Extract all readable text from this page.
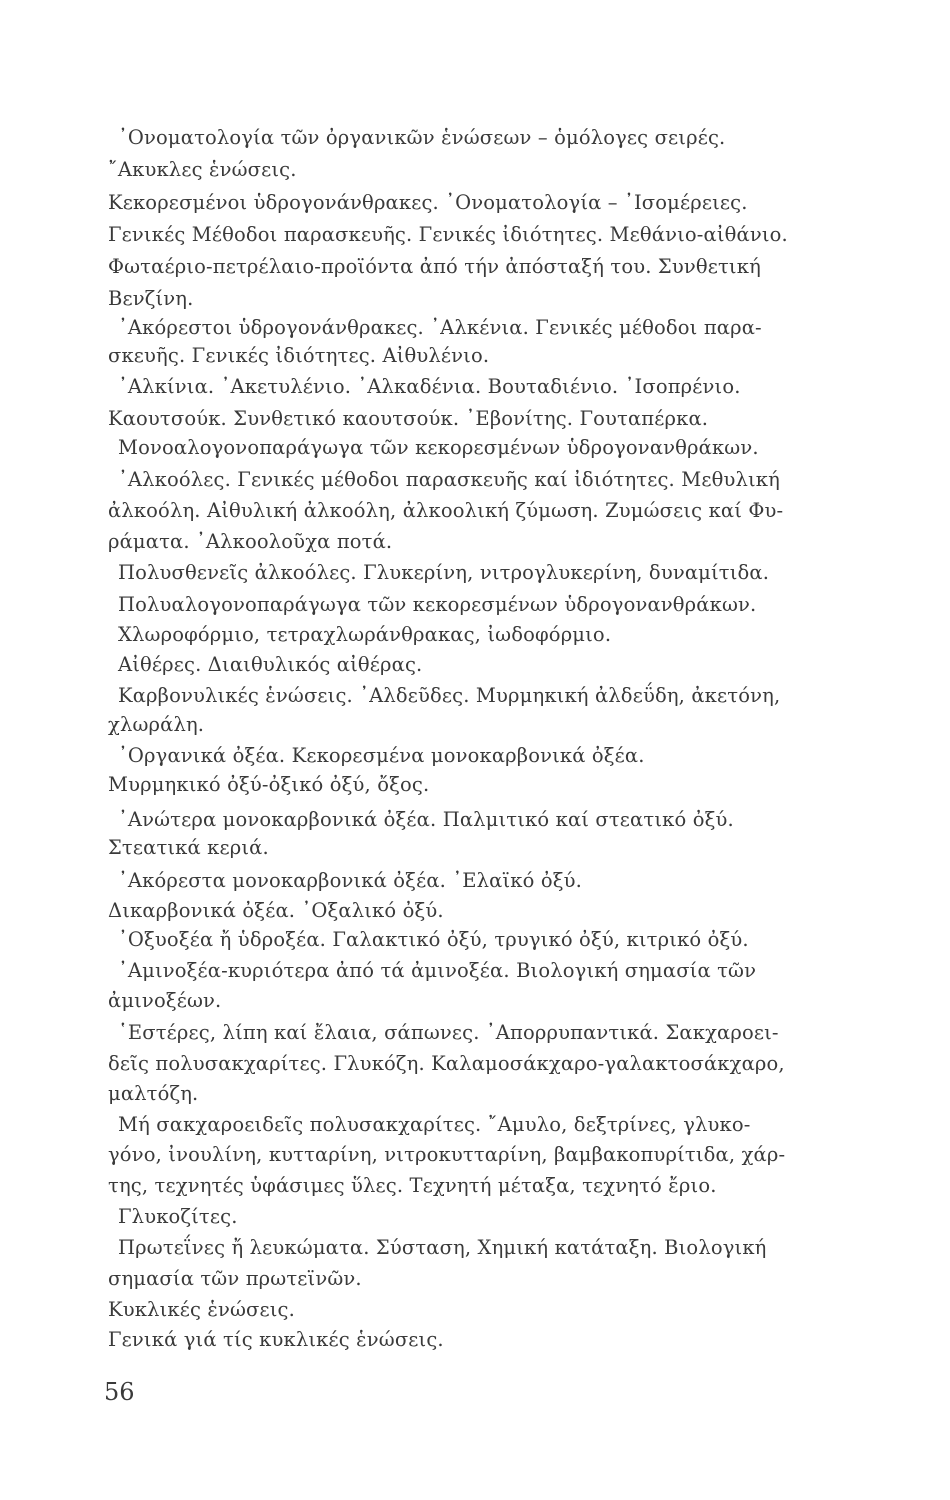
᾿Ονοματολογία τῶν ὀργανικῶν ἑνώσεων – ὁμόλογες σειρές.
῎Ακυκλες ἑνώσεις.
Κεκορεσμένοι ὑδρογονάνθρακες. ᾿Ονοματολογία – ᾿Ισομέρειες.
Γενικές Μέθοδοι παρασκευῆς. Γενικές ἰδιότητες. Μεθάνιο-αἰθάνιο.
Φωταέριο-πετρέλαιο-προϊόντα ἀπό τήν ἀπόσταξή του. Συνθετική
Βενζίνη.
᾿Ακόρεστοι ὑδρογονάνθρακες. ᾿Αλκένια. Γενικές μέθοδοι παρα-
σκευῆς. Γενικές ἰδιότητες. Αἰθυλένιο.
᾿Αλκίνια. ᾿Ακετυλένιο. ᾿Αλκαδένια. Βουταδιένιο. ᾿Ισοπρένιο.
Καουτσούκ. Συνθετικό καουτσούκ. ᾿Εβονίτης. Γουταπέρκα.
Μονοαλογονοπαράγωγα τῶν κεκορεσμένων ὑδρογονανθράκων.
᾿Αλκοόλες. Γενικές μέθοδοι παρασκευῆς καί ἰδιότητες. Μεθυλική
ἀλκοόλη. Αἰθυλική ἀλκοόλη, ἀλκοολική ζύμωση. Ζυμώσεις καί Φυ-
ράματα. ᾿Αλκοολοῦχα ποτά.
Πολυσθενεῖς ἀλκοόλες. Γλυκερίνη, νιτρογλυκερίνη, δυναμίτιδα.
Πολυαλογονοπαράγωγα τῶν κεκορεσμένων ὑδρογονανθράκων.
Χλωροφόρμιο, τετραχλωράνθρακας, ἰωδοφόρμιο.
Αἰθέρες. Διαιθυλικός αἰθέρας.
Καρβονυλικές ἑνώσεις. ᾿Αλδεῦδες. Μυρμηκική ἀλδεΰδη, ἀκετόνη,
χλωράλη.
᾿Οργανικά ὀξέα. Κεκορεσμένα μονοκαρβονικά ὀξέα.
Μυρμηκικό ὀξύ-ὀξικό ὀξύ, ὄξος.
᾿Ανώτερα μονοκαρβονικά ὀξέα. Παλμιτικό καί στεατικό ὀξύ.
Στεατικά κεριά.
᾿Ακόρεστα μονοκαρβονικά ὀξέα. ᾿Ελαϊκό ὀξύ.
Δικαρβονικά ὀξέα. ᾿Οξαλικό ὀξύ.
᾿Οξυοξέα ἤ ὑδροξέα. Γαλακτικό ὀξύ, τρυγικό ὀξύ, κιτρικό ὀξύ.
᾿Αμινοξέα-κυριότερα ἀπό τά ἀμινοξέα. Βιολογική σημασία τῶν
ἀμινοξέων.
῾Εστέρες, λίπη καί ἔλαια, σάπωνες. ᾿Απορρυπαντικά. Σακχαροει-
δεῖς πολυσακχαρίτες. Γλυκόζη. Καλαμοσάκχαρο-γαλακτοσάκχαρο,
μαλτόζη.
Μή σακχαροειδεῖς πολυσακχαρίτες. ῎Αμυλο, δεξτρίνες, γλυκο-
γόνο, ἰνουλίνη, κυτταρίνη, νιτροκυτταρίνη, βαμβακοπυρίτιδα, χάρ-
της, τεχνητές ὑφάσιμες ὕλες. Τεχνητή μέταξα, τεχνητό ἔριο.
Γλυκοζίτες.
Πρωτεΐνες ἤ λευκώματα. Σύσταση, Χημική κατάταξη. Βιολογική
σημασία τῶν πρωτεϊνῶν.
Κυκλικές ἑνώσεις.
Γενικά γιά τίς κυκλικές ἑνώσεις.
56
